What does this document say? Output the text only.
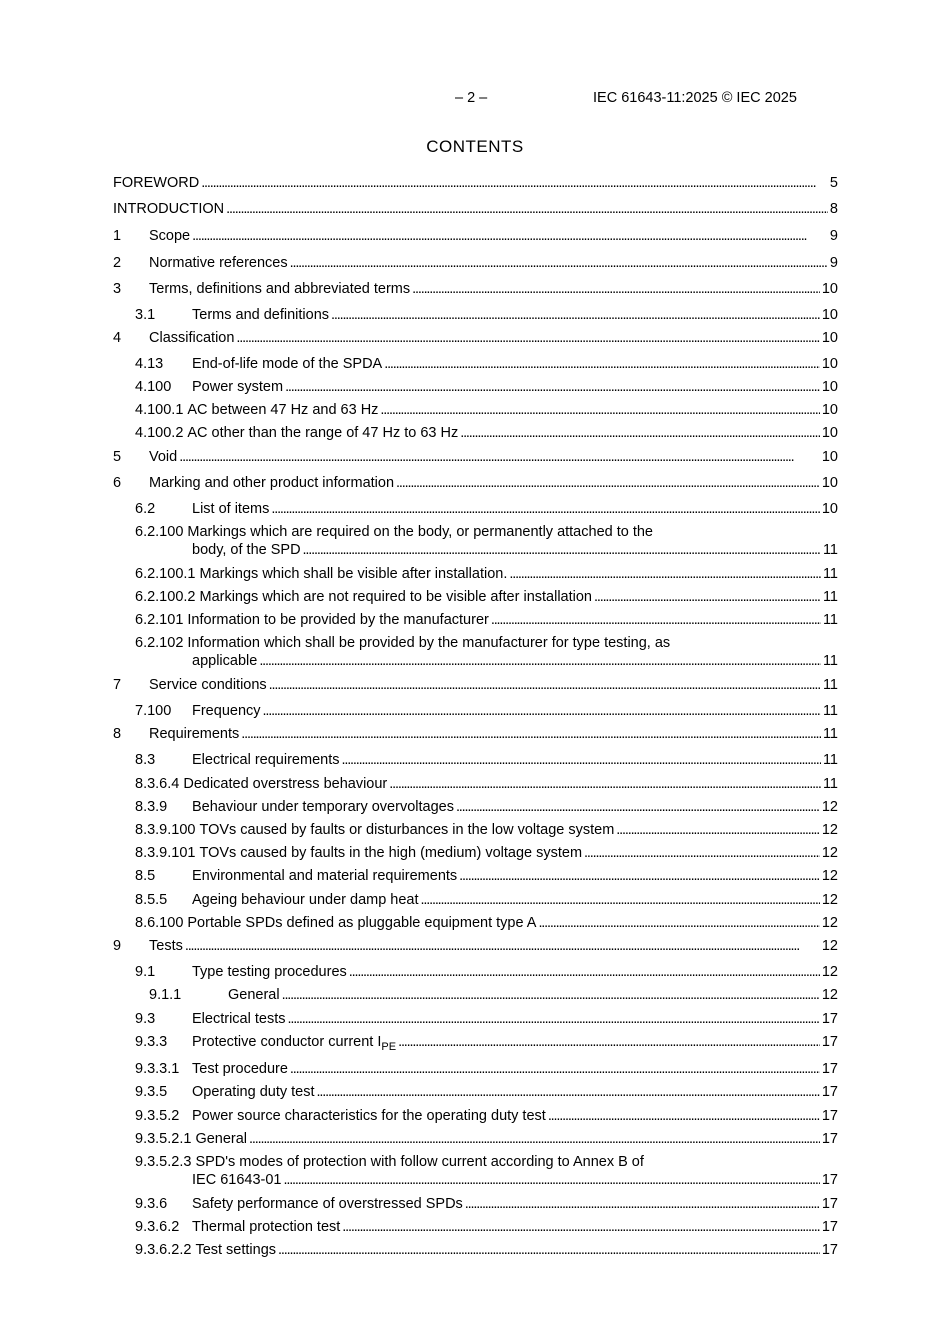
– 2 –	IEC 61643-11:2025 © IEC 2025
CONTENTS
FOREWORD . . .	5
INTRODUCTION . . .	8
1	Scope . . .	9
2	Normative references . . .	9
3	Terms, definitions and abbreviated terms . . .	10
3.1	Terms and definitions . . .	10
4	Classification . . .	10
4.13	End-of-life mode of the SPDA . . .	10
4.100	Power system . . .	10
4.100.1 AC between 47 Hz and 63 Hz . . .	10
4.100.2 AC other than the range of 47 Hz to 63 Hz . . .	10
5	Void . . .	10
6	Marking and other product information . . .	10
6.2	List of items . . .	10
6.2.100 Markings which are required on the body, or permanently attached to the
body, of the SPD . . .	11
6.2.100.1 Markings which shall be visible after installation. . . .	11
6.2.100.2 Markings which are not required to be visible after installation . . .	11
6.2.101 Information to be provided by the manufacturer . . .	11
6.2.102 Information which shall be provided by the manufacturer for type testing, as
applicable . . .	11
7	Service conditions . . .	11
7.100	Frequency . . .	11
8	Requirements . . .	11
8.3	Electrical requirements . . .	11
8.3.6.4 Dedicated overstress behaviour . . .	11
8.3.9	Behaviour under temporary overvoltages . . .	12
8.3.9.100 TOVs caused by faults or disturbances in the low voltage system . . .	12
8.3.9.101 TOVs caused by faults in the high (medium) voltage system . . .	12
8.5	Environmental and material requirements . . .	12
8.5.5	Ageing behaviour under damp heat . . .	12
8.6.100 Portable SPDs defined as pluggable equipment type A . . .	12
9	Tests . . .	12
9.1	Type testing procedures . . .	12
9.1.1	General . . .	12
9.3	Electrical tests . . .	17
9.3.3	Protective conductor current I PE . . .	17
9.3.3.1 Test procedure . . .	17
9.3.5	Operating duty test . . .	17
9.3.5.2 Power source characteristics for the operating duty test . . .	17
9.3.5.2.1 General . . .	17
9.3.5.2.3 SPD's modes of protection with follow current according to Annex B of
IEC 61643-01 . . .	17
9.3.6	Safety performance of overstressed SPDs . . .	17
9.3.6.2 Thermal protection test . . .	17
9.3.6.2.2 Test settings . . .	17
